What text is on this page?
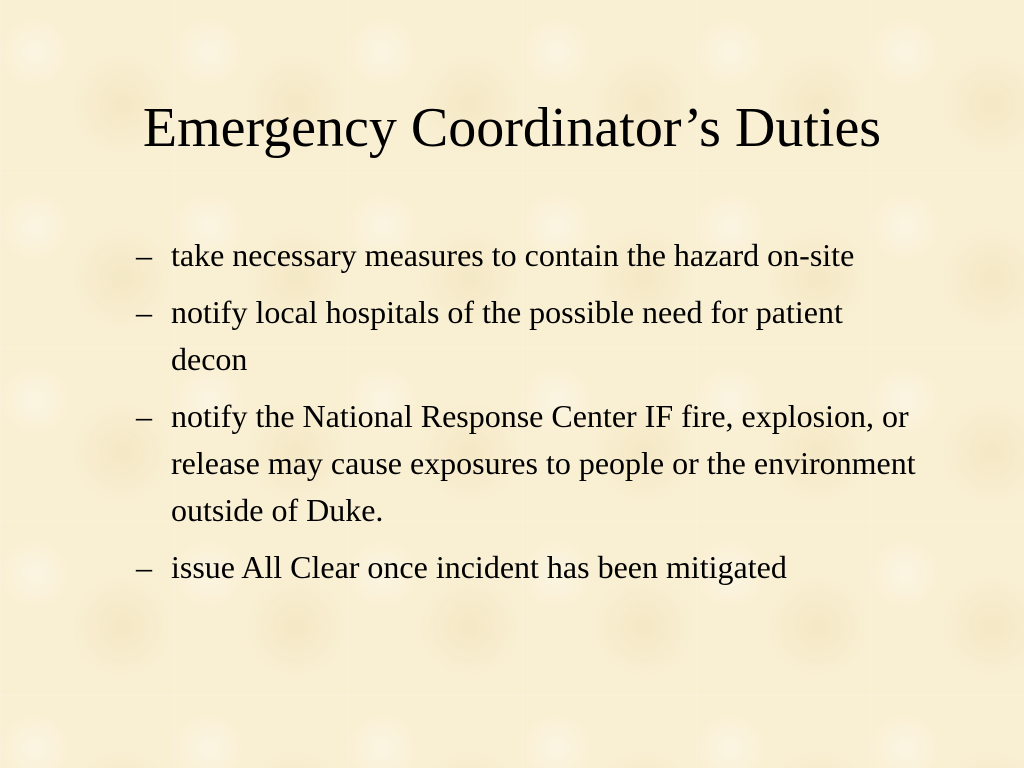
Emergency Coordinator’s Duties
– take necessary measures to contain the hazard on-site
– notify local hospitals of the possible need for patient decon
– notify the National Response Center IF fire, explosion, or release may cause exposures to people or the environment outside of Duke.
– issue All Clear once incident has been mitigated
